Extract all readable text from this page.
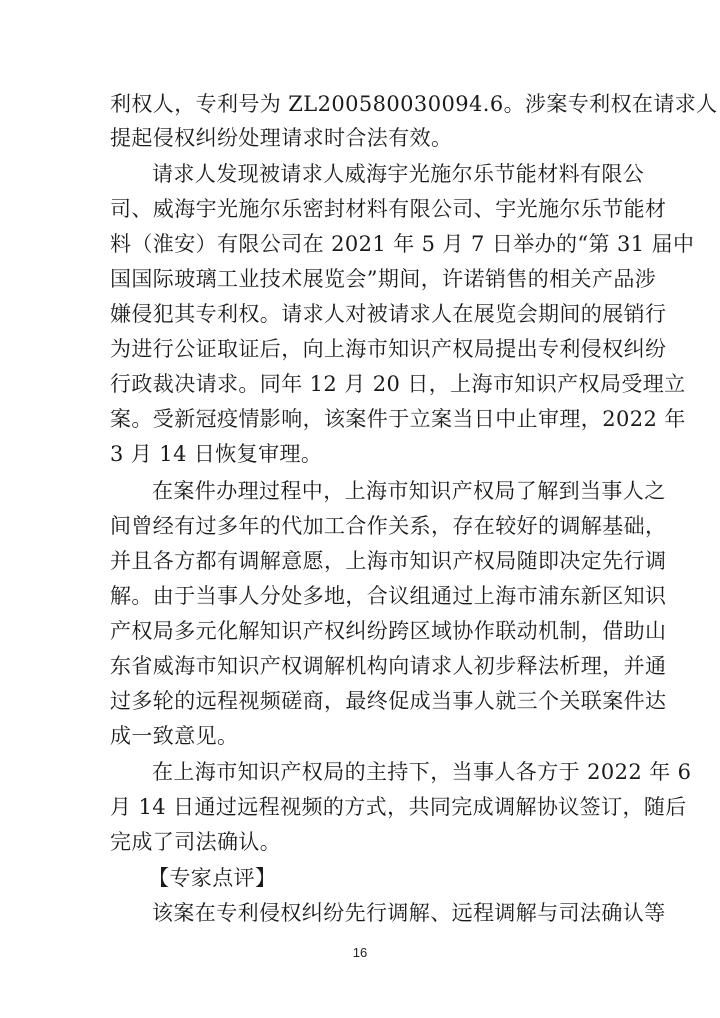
利权人，专利号为 ZL200580030094.6。涉案专利权在请求人
提起侵权纠纷处理请求时合法有效。
请求人发现被请求人威海宇光施尔乐节能材料有限公
司、威海宇光施尔乐密封材料有限公司、宇光施尔乐节能材
料（淮安）有限公司在 2021 年 5 月 7 日举办的“第 31 届中
国国际玻璃工业技术展览会”期间，许诺销售的相关产品涉
嫌侵犯其专利权。请求人对被请求人在展览会期间的展销行
为进行公证取证后，向上海市知识产权局提出专利侵权纠纷
行政裁决请求。同年 12 月 20 日，上海市知识产权局受理立
案。受新冠疫情影响，该案件于立案当日中止审理，2022 年
3 月 14 日恢复审理。
在案件办理过程中，上海市知识产权局了解到当事人之
间曾经有过多年的代加工合作关系，存在较好的调解基础，
并且各方都有调解意愿，上海市知识产权局随即决定先行调
解。由于当事人分处多地，合议组通过上海市浦东新区知识
产权局多元化解知识产权纠纷跨区域协作联动机制，借助山
东省威海市知识产权调解机构向请求人初步释法析理，并通
过多轮的远程视频磋商，最终促成当事人就三个关联案件达
成一致意见。
在上海市知识产权局的主持下，当事人各方于 2022 年 6
月 14 日通过远程视频的方式，共同完成调解协议签订，随后
完成了司法确认。
【专家点评】
该案在专利侵权纠纷先行调解、远程调解与司法确认等
16
